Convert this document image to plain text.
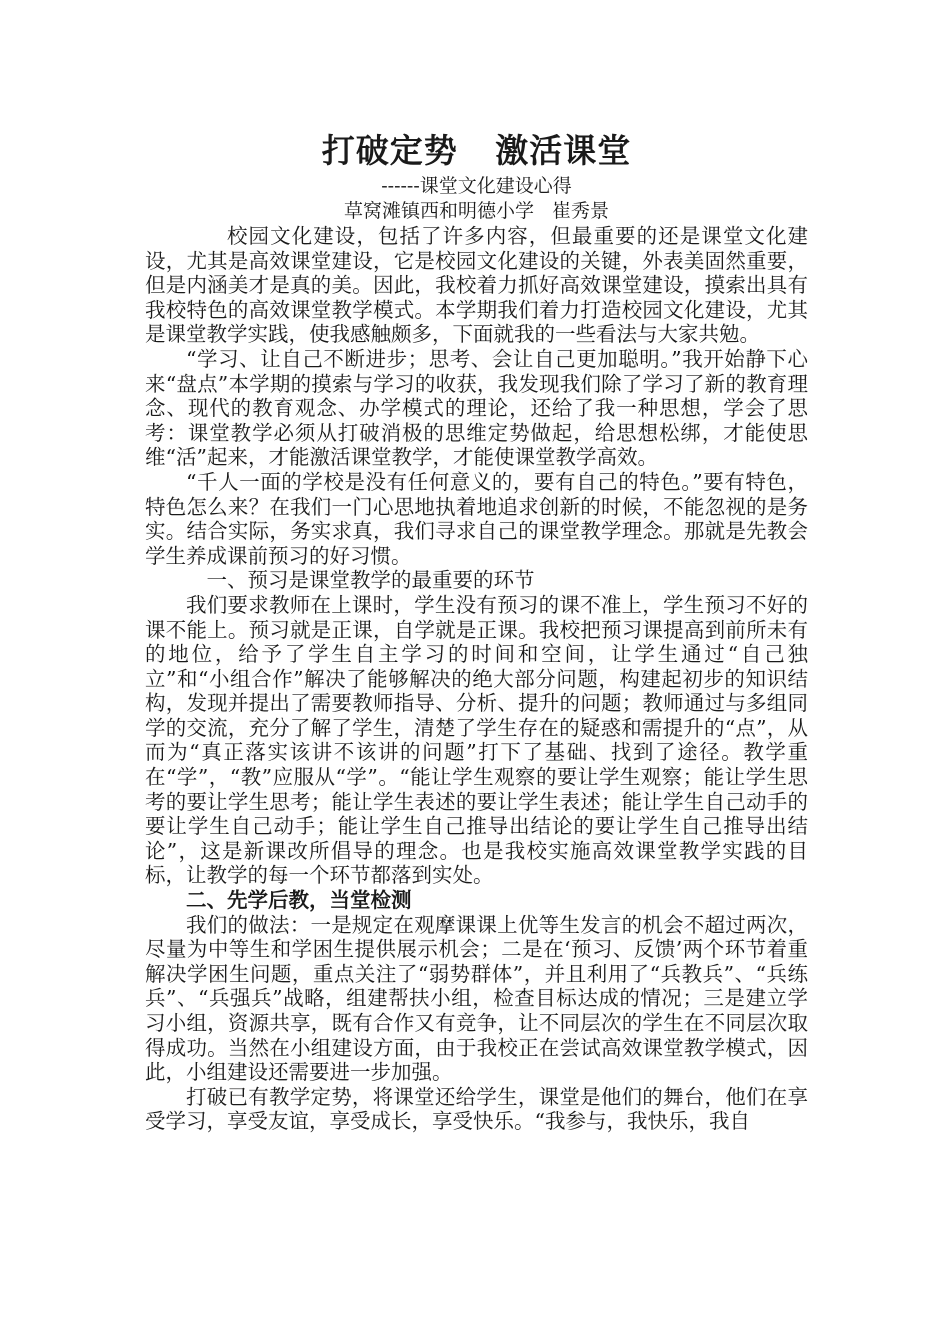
打破定势   激活课堂

------课堂文化建设心得

草窝滩镇西和明德小学   崔秀景

校园文化建设，包括了许多内容，但最重要的还是课堂文化建设，尤其是高效课堂建设，它是校园文化建设的关键，外表美固然重要，但是内涵美才是真的美。因此，我校着力抓好高效课堂建设，摸索出具有我校特色的高效课堂教学模式。本学期我们着力打造校园文化建设，尤其是课堂教学实践，使我感触颇多，下面就我的一些看法与大家共勉。

“学习、让自己不断进步；思考、会让自己更加聪明。”我开始静下心来“盘点”本学期的摸索与学习的收获，我发现我们除了学习了新的教育理念、现代的教育观念、办学模式的理论，还给了我一种思想，学会了思考：课堂教学必须从打破消极的思维定势做起，给思想松绑，才能使思维“活”起来，才能激活课堂教学，才能使课堂教学高效。

“千人一面的学校是没有任何意义的，要有自己的特色。”要有特色，特色怎么来？在我们一门心思地执着地追求创新的时候，不能忽视的是务实。结合实际，务实求真，我们寻求自己的课堂教学理念。那就是先教会学生养成课前预习的好习惯。

一、预习是课堂教学的最重要的环节

我们要求教师在上课时，学生没有预习的课不准上，学生预习不好的课不能上。预习就是正课，自学就是正课。我校把预习课提高到前所未有的地位，给予了学生自主学习的时间和空间，让学生通过“自己独立”和“小组合作”解决了能够解决的绝大部分问题，构建起初步的知识结构，发现并提出了需要教师指导、分析、提升的问题；教师通过与多组同学的交流，充分了解了学生，清楚了学生存在的疑惑和需提升的“点”，从而为“真正落实该讲不该讲的问题”打下了基础、找到了途径。教学重在“学”，“教”应服从“学”。“能让学生观察的要让学生观察；能让学生思考的要让学生思考；能让学生表述的要让学生表述；能让学生自己动手的要让学生自己动手；能让学生自己推导出结论的要让学生自己推导出结论”，这是新课改所倡导的理念。也是我校实施高效课堂教学实践的目标，让教学的每一个环节都落到实处。

二、先学后教，当堂检测

我们的做法：一是规定在观摩课课上优等生发言的机会不超过两次，尽量为中等生和学困生提供展示机会；二是在‘预习、反馈’两个环节着重解决学困生问题，重点关注了“弱势群体”，并且利用了“兵教兵”、“兵练兵”、“兵强兵”战略，组建帮扶小组，检查目标达成的情况；三是建立学习小组，资源共享，既有合作又有竞争，让不同层次的学生在不同层次取得成功。当然在小组建设方面，由于我校正在尝试高效课堂教学模式，因此，小组建设还需要进一步加强。

打破已有教学定势，将课堂还给学生，课堂是他们的舞台，他们在享受学习，享受友谊，享受成长，享受快乐。“我参与，我快乐，我自
